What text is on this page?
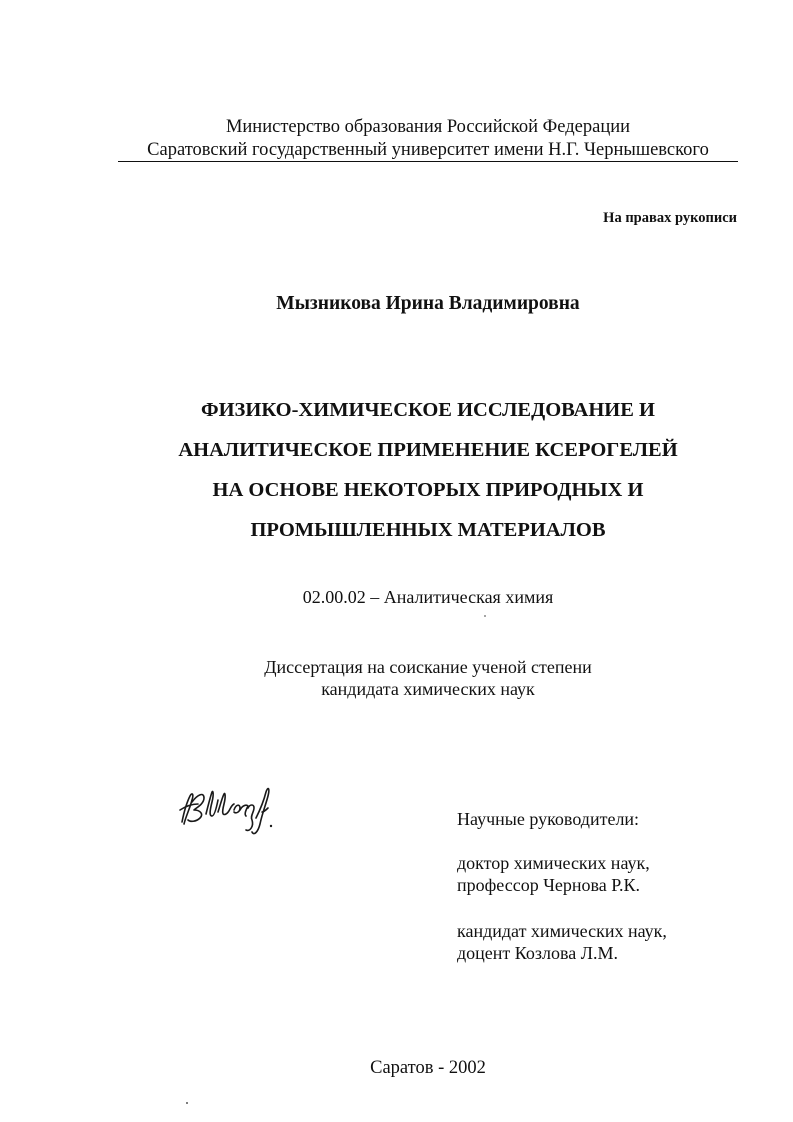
Министерство образования Российской Федерации
Саратовский государственный университет имени Н.Г. Чернышевского
На правах рукописи
Мызникова Ирина Владимировна
ФИЗИКО-ХИМИЧЕСКОЕ ИССЛЕДОВАНИЕ И
АНАЛИТИЧЕСКОЕ ПРИМЕНЕНИЕ КСЕРОГЕЛЕЙ
НА ОСНОВЕ НЕКОТОРЫХ ПРИРОДНЫХ И
ПРОМЫШЛЕННЫХ МАТЕРИАЛОВ
02.00.02 – Аналитическая химия
Диссертация на соискание ученой степени
кандидата химических наук
Научные руководители:
доктор химических наук,
профессор Чернова Р.К.
кандидат химических наук,
доцент Козлова Л.М.
Саратов - 2002
